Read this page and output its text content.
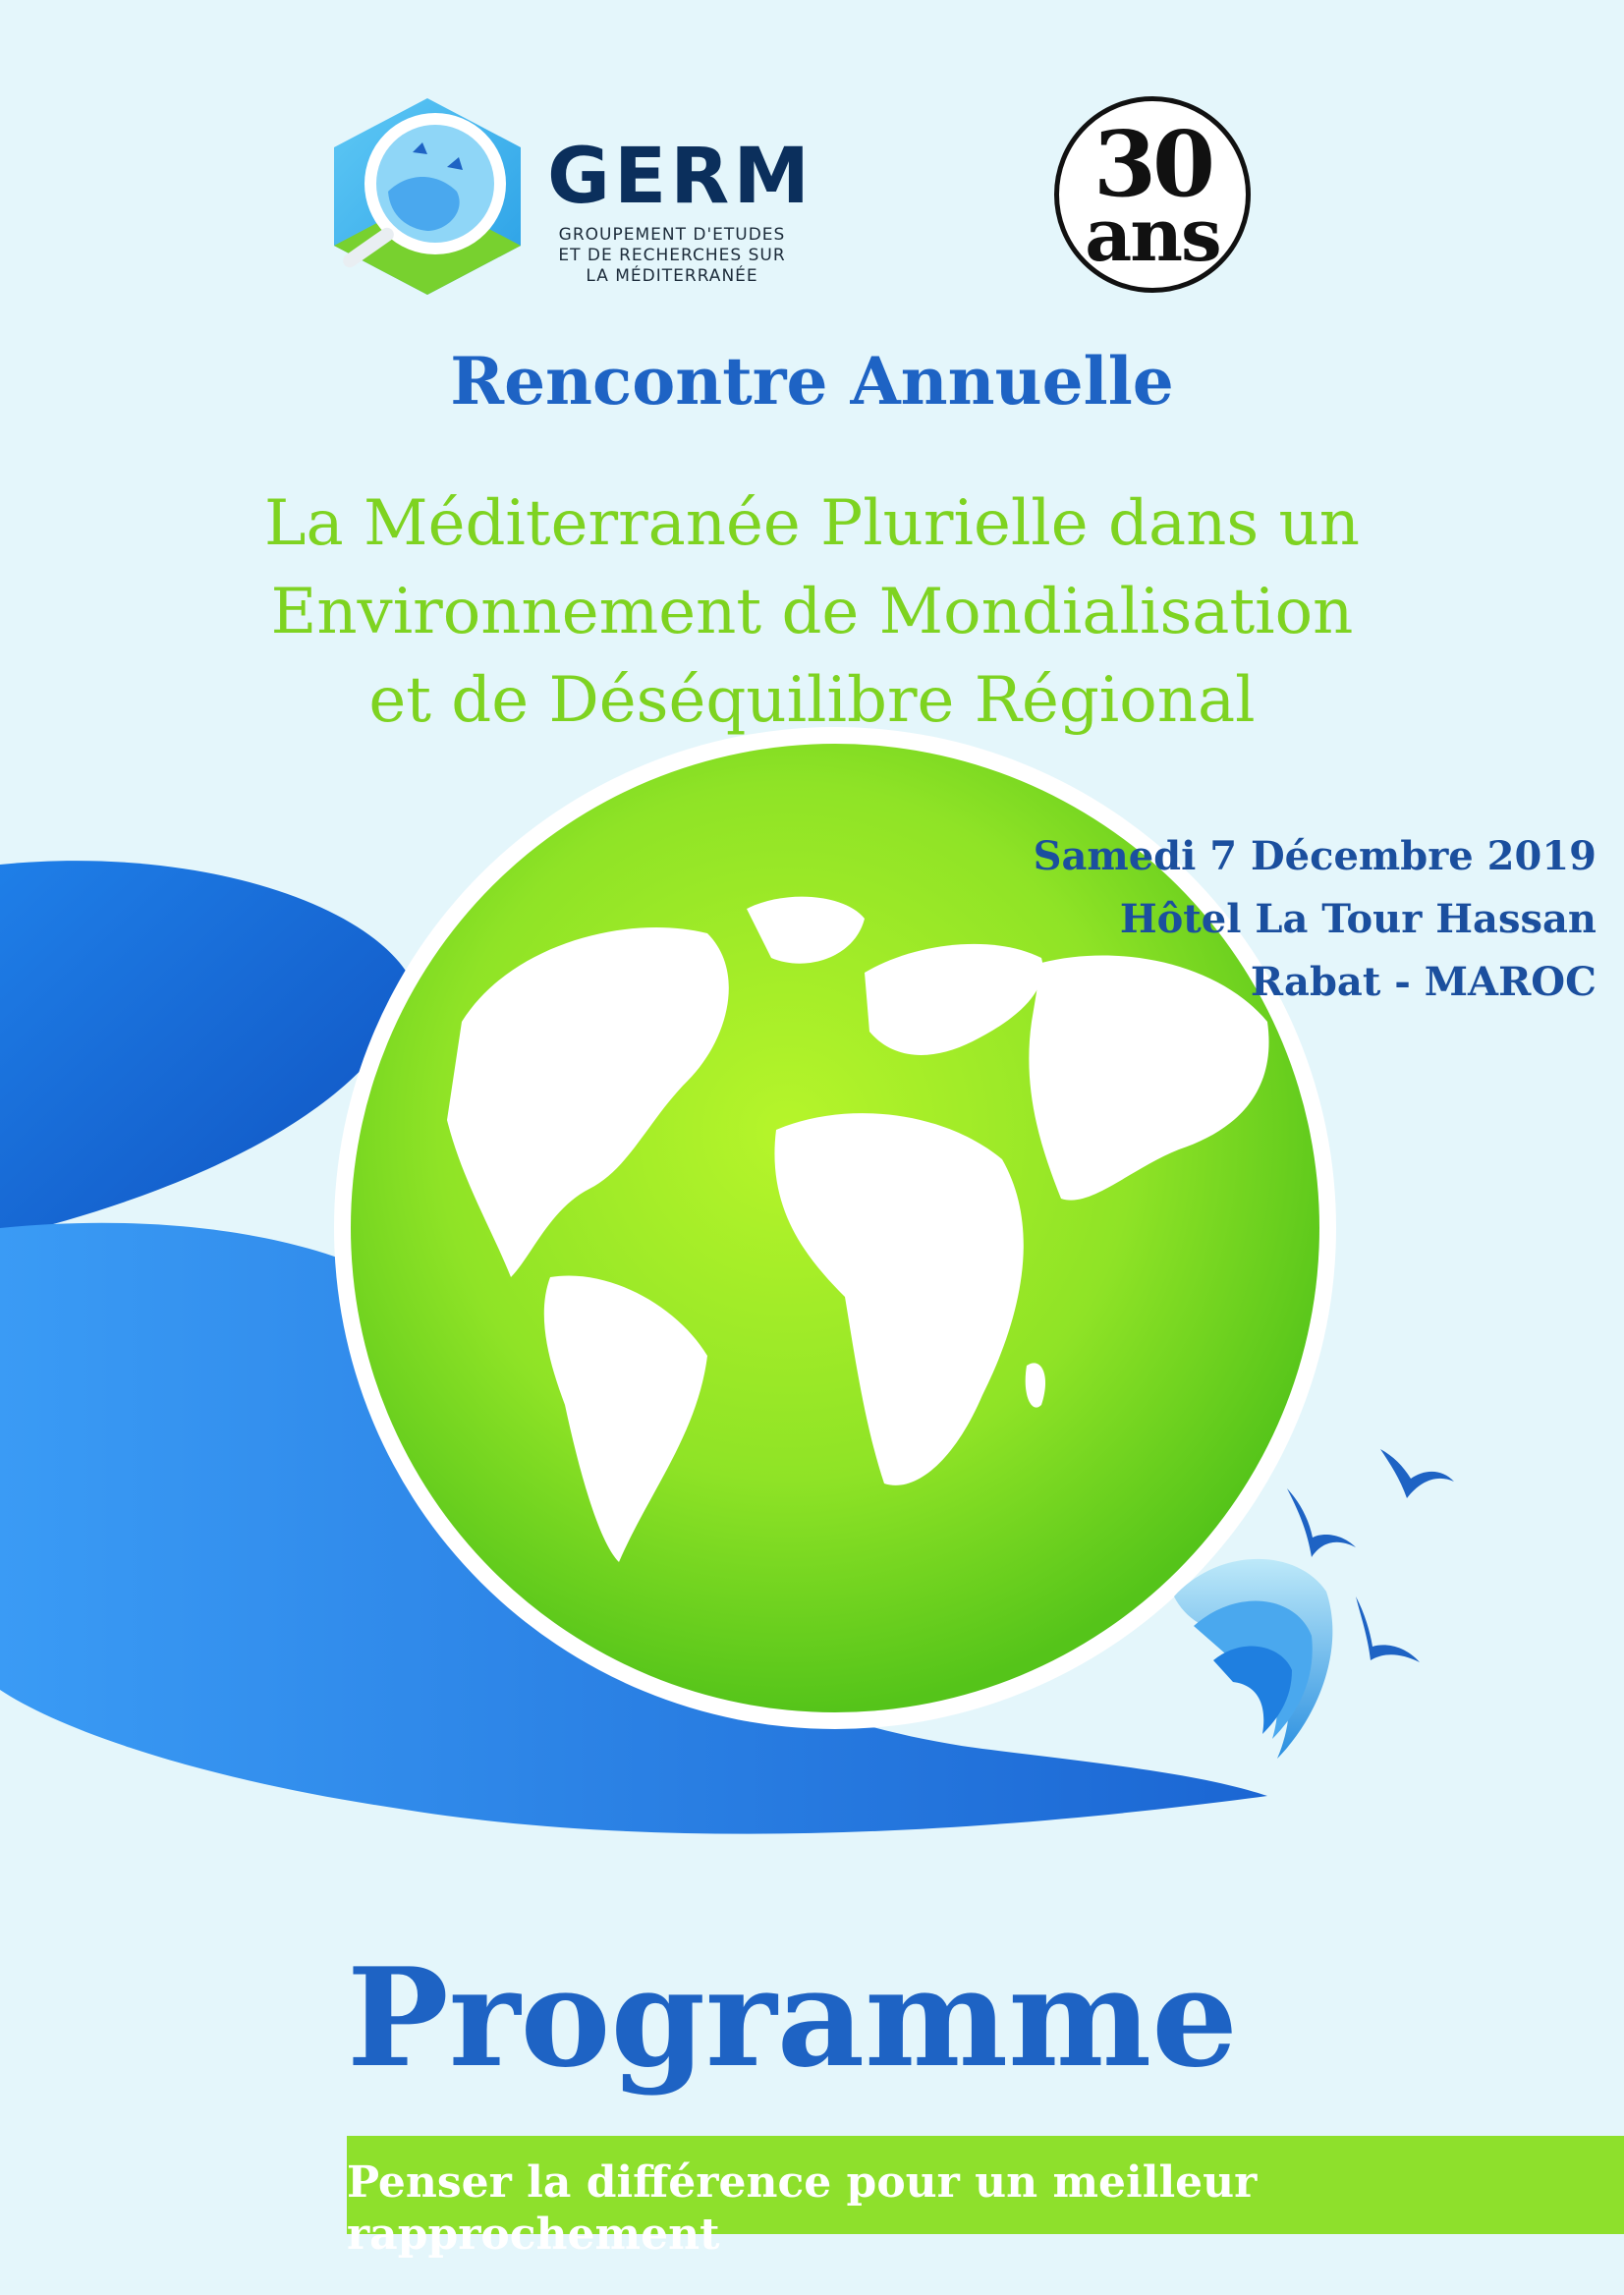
GERM
GROUPEMENT D'ETUDES
ET DE RECHERCHES SUR
LA MÉDITERRANÉE
30
ans
Rencontre Annuelle
La Méditerranée Plurielle dans un
Environnement de Mondialisation
et de Déséquilibre Régional
Samedi 7 Décembre 2019
Hôtel La Tour Hassan
Rabat - MAROC
Programme
Penser la différence pour un meilleur rapprochement
